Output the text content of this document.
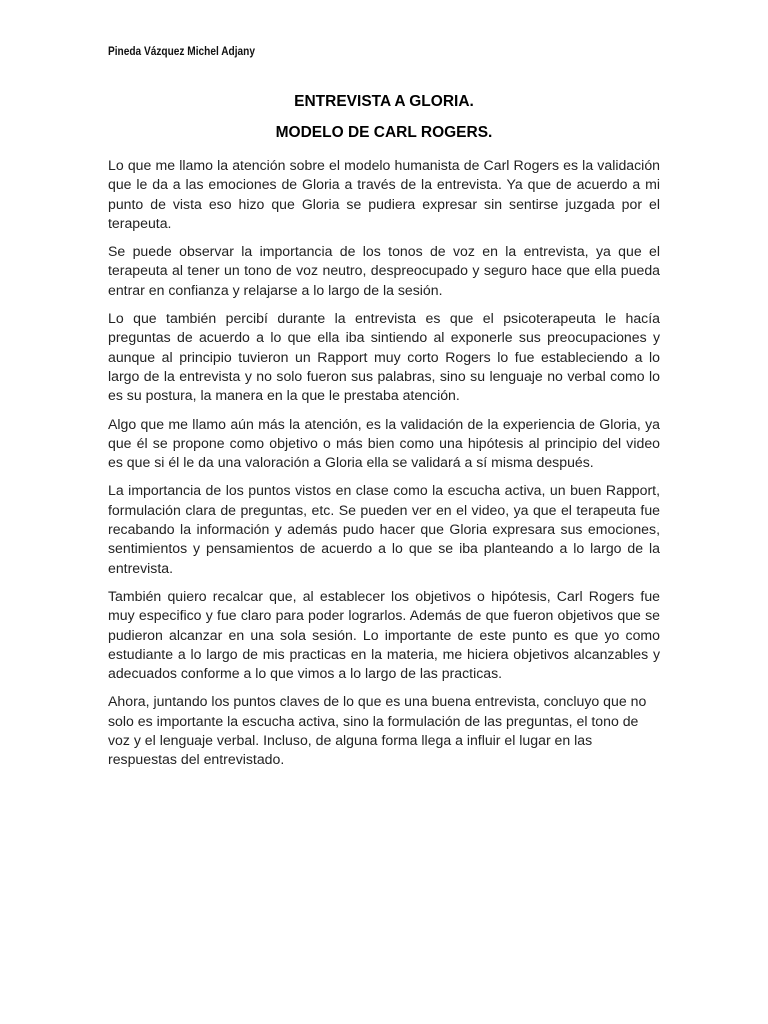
Pineda Vázquez Michel Adjany
ENTREVISTA A GLORIA.
MODELO DE CARL ROGERS.

Lo que me llamo la atención sobre el modelo humanista de Carl Rogers es la validación que le da a las emociones de Gloria a través de la entrevista. Ya que de acuerdo a mi punto de vista eso hizo que Gloria se pudiera expresar sin sentirse juzgada por el terapeuta.

Se puede observar la importancia de los tonos de voz en la entrevista, ya que el terapeuta al tener un tono de voz neutro, despreocupado y seguro hace que ella pueda entrar en confianza y relajarse a lo largo de la sesión.

Lo que también percibí durante la entrevista es que el psicoterapeuta le hacía preguntas de acuerdo a lo que ella iba sintiendo al exponerle sus preocupaciones y aunque al principio tuvieron un Rapport muy corto Rogers lo fue estableciendo a lo largo de la entrevista y no solo fueron sus palabras, sino su lenguaje no verbal como lo es su postura, la manera en la que le prestaba atención.

Algo que me llamo aún más la atención, es la validación de la experiencia de Gloria, ya que él se propone como objetivo o más bien como una hipótesis al principio del video es que si él le da una valoración a Gloria ella se validará a sí misma después.

La importancia de los puntos vistos en clase como la escucha activa, un buen Rapport, formulación clara de preguntas, etc. Se pueden ver en el video, ya que el terapeuta fue recabando la información y además pudo hacer que Gloria expresara sus emociones, sentimientos y pensamientos de acuerdo a lo que se iba planteando a lo largo de la entrevista.

También quiero recalcar que, al establecer los objetivos o hipótesis, Carl Rogers fue muy especifico y fue claro para poder lograrlos. Además de que fueron objetivos que se pudieron alcanzar en una sola sesión. Lo importante de este punto es que yo como estudiante a lo largo de mis practicas en la materia, me hiciera objetivos alcanzables y adecuados conforme a lo que vimos a lo largo de las practicas.

Ahora, juntando los puntos claves de lo que es una buena entrevista, concluyo que no solo es importante la escucha activa, sino la formulación de las preguntas, el tono de voz y el lenguaje verbal. Incluso, de alguna forma llega a influir el lugar en las respuestas del entrevistado.
